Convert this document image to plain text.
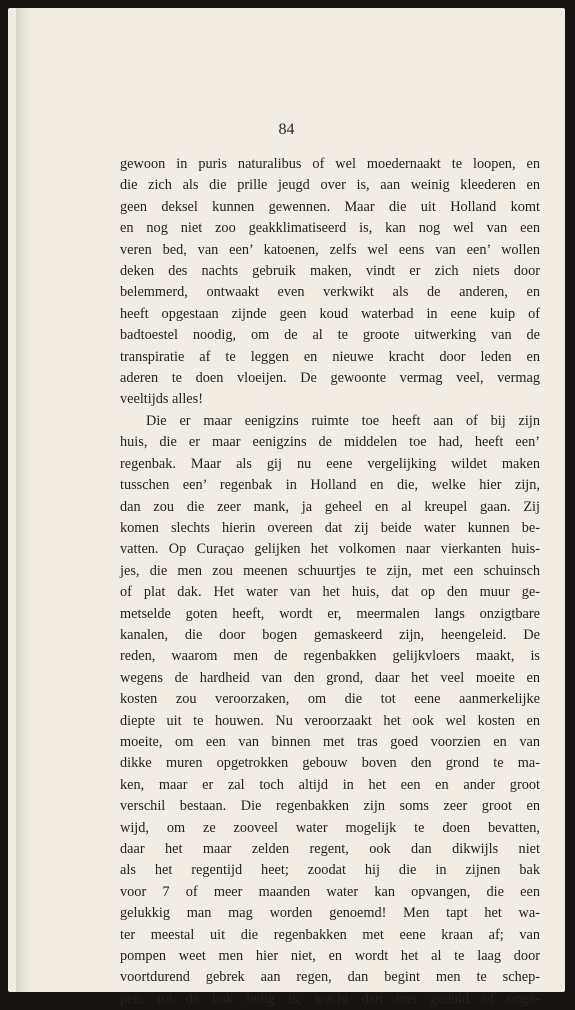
84
gewoon in puris naturalibus of wel moedernaakt te loopen, en
die zich als die prille jeugd over is, aan weinig kleederen en
geen deksel kunnen gewennen. Maar die uit Holland komt
en nog niet zoo geakklimatiseerd is, kan nog wel van een
veren bed, van een’ katoenen, zelfs wel eens van een’ wollen
deken des nachts gebruik maken, vindt er zich niets door
belemmerd, ontwaakt even verkwikt als de anderen, en
heeft opgestaan zijnde geen koud waterbad in eene kuip of
badtoestel noodig, om de al te groote uitwerking van de
transpiratie af te leggen en nieuwe kracht door leden en
aderen te doen vloeijen. De gewoonte vermag veel, vermag
veeltijds alles!
Die er maar eenigzins ruimte toe heeft aan of bij zijn
huis, die er maar eenigzins de middelen toe had, heeft een’
regenbak. Maar als gij nu eene vergelijking wildet maken
tusschen een’ regenbak in Holland en die, welke hier zijn,
dan zou die zeer mank, ja geheel en al kreupel gaan. Zij
komen slechts hierin overeen dat zij beide water kunnen be-
vatten. Op Curaçao gelijken het volkomen naar vierkanten huis-
jes, die men zou meenen schuurtjes te zijn, met een schuinsch
of plat dak. Het water van het huis, dat op den muur ge-
metselde goten heeft, wordt er, meermalen langs onzigtbare
kanalen, die door bogen gemaskeerd zijn, heengeleid. De
reden, waarom men de regenbakken gelijkvloers maakt, is
wegens de hardheid van den grond, daar het veel moeite en
kosten zou veroorzaken, om die tot eene aanmerkelijke
diepte uit te houwen. Nu veroorzaakt het ook wel kosten en
moeite, om een van binnen met tras goed voorzien en van
dikke muren opgetrokken gebouw boven den grond te ma-
ken, maar er zal toch altijd in het een en ander groot
verschil bestaan. Die regenbakken zijn soms zeer groot en
wijd, om ze zooveel water mogelijk te doen bevatten,
daar het maar zelden regent, ook dan dikwijls niet
als het regentijd heet; zoodat hij die in zijnen bak
voor 7 of meer maanden water kan opvangen, die een
gelukkig man mag worden genoemd! Men tapt het wa-
ter meestal uit die regenbakken met eene kraan af; van
pompen weet men hier niet, en wordt het al te laag door
voortdurend gebrek aan regen, dan begint men te schep-
pen, tot de bak ledig is, wacht dan met geduld of onge-
